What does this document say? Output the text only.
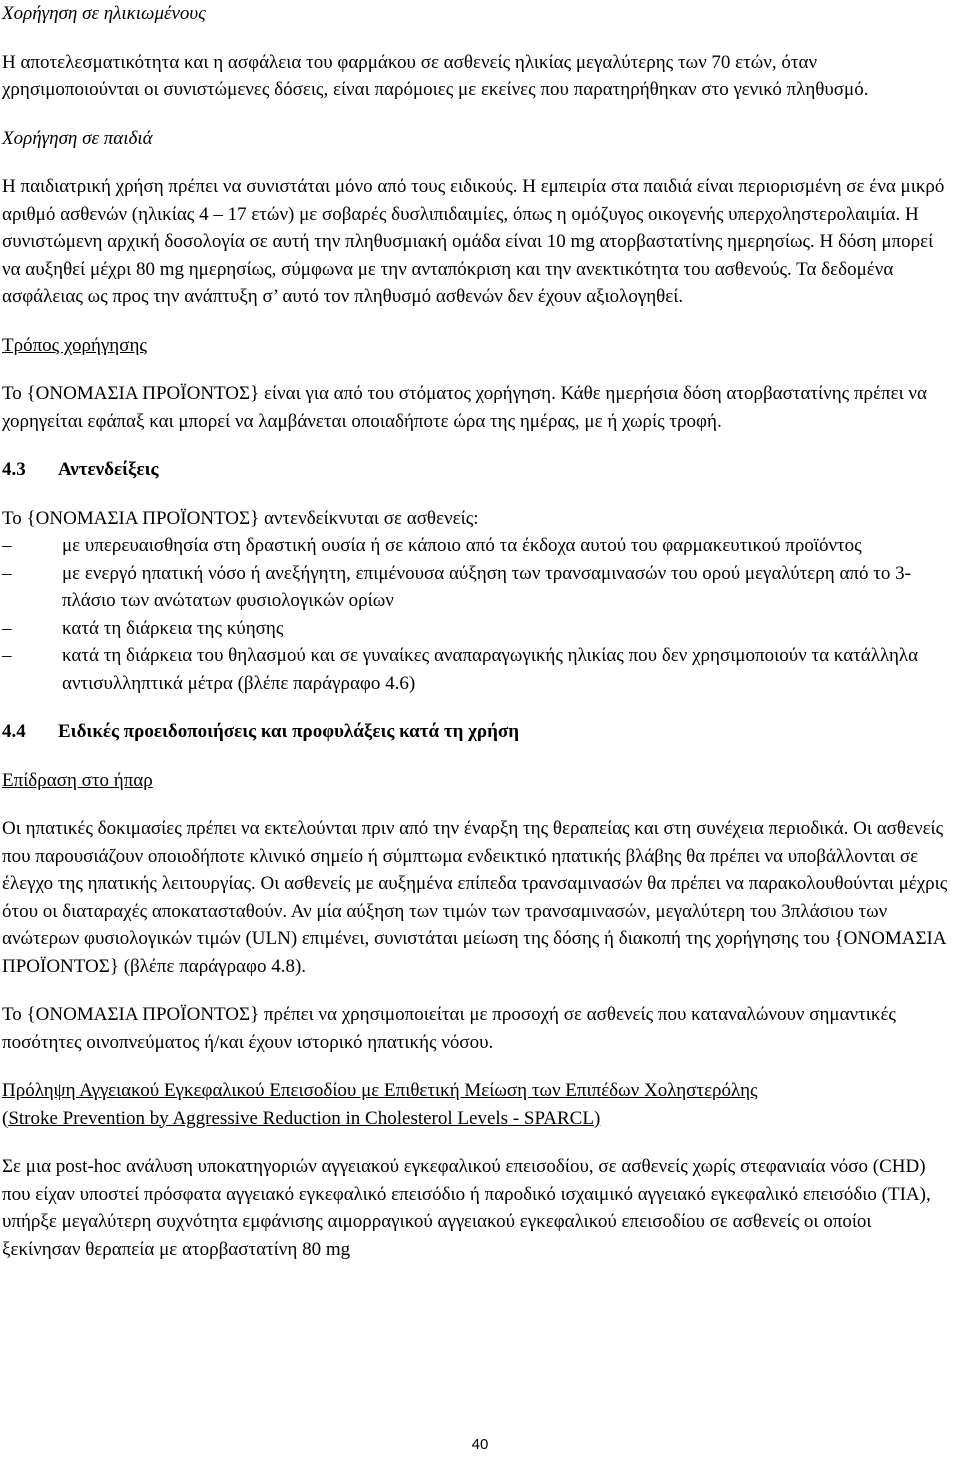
Χορήγηση σε ηλικιωμένους

Η αποτελεσματικότητα και η ασφάλεια του φαρμάκου σε ασθενείς ηλικίας μεγαλύτερης των 70 ετών, όταν χρησιμοποιούνται οι συνιστώμενες δόσεις, είναι παρόμοιες με εκείνες που παρατηρήθηκαν στο γενικό πληθυσμό.

Χορήγηση σε παιδιά

Η παιδιατρική χρήση πρέπει να συνιστάται μόνο από τους ειδικούς. Η εμπειρία στα παιδιά είναι περιορισμένη σε ένα μικρό αριθμό ασθενών (ηλικίας 4 – 17 ετών) με σοβαρές δυσλιπιδαιμίες, όπως η ομόζυγος οικογενής υπερχοληστερολαιμία. Η συνιστώμενη αρχική δοσολογία σε αυτή την πληθυσμιακή ομάδα είναι 10 mg ατορβαστατίνης ημερησίως. Η δόση μπορεί να αυξηθεί μέχρι 80 mg ημερησίως, σύμφωνα με την ανταπόκριση και την ανεκτικότητα του ασθενούς. Τα δεδομένα ασφάλειας ως προς την ανάπτυξη σ’ αυτό τον πληθυσμό ασθενών δεν έχουν αξιολογηθεί.

Τρόπος χορήγησης

Το {ΟΝΟΜΑΣΙΑ ΠΡΟΪΟΝΤΟΣ} είναι για από του στόματος χορήγηση. Κάθε ημερήσια δόση ατορβαστατίνης πρέπει να χορηγείται εφάπαξ και μπορεί να λαμβάνεται οποιαδήποτε ώρα της ημέρας, με ή χωρίς τροφή.

4.3	Αντενδείξεις

Το {ΟΝΟΜΑΣΙΑ ΠΡΟΪΟΝΤΟΣ} αντενδείκνυται σε ασθενείς:

–	με υπερευαισθησία στη δραστική ουσία ή σε κάποιο από τα έκδοχα αυτού του φαρμακευτικού προϊόντος
–	με ενεργό ηπατική νόσο ή ανεξήγητη, επιμένουσα αύξηση των τρανσαμινασών του ορού μεγαλύτερη από το 3-πλάσιο των ανώτατων φυσιολογικών ορίων
–	κατά τη διάρκεια της κύησης
–	κατά τη διάρκεια του θηλασμού και σε γυναίκες αναπαραγωγικής ηλικίας που δεν χρησιμοποιούν τα κατάλληλα αντισυλληπτικά μέτρα (βλέπε παράγραφο 4.6)

4.4	Ειδικές προειδοποιήσεις και προφυλάξεις κατά τη χρήση

Επίδραση στο ήπαρ

Οι ηπατικές δοκιμασίες πρέπει να εκτελούνται πριν από την έναρξη της θεραπείας και στη συνέχεια περιοδικά. Οι ασθενείς που παρουσιάζουν οποιοδήποτε κλινικό σημείο ή σύμπτωμα ενδεικτικό ηπατικής βλάβης θα πρέπει να υποβάλλονται σε έλεγχο της ηπατικής λειτουργίας. Οι ασθενείς με αυξημένα επίπεδα τρανσαμινασών θα πρέπει να παρακολουθούνται μέχρις ότου οι διαταραχές αποκατασταθούν. Αν μία αύξηση των τιμών των τρανσαμινασών, μεγαλύτερη του 3πλάσιου των ανώτερων φυσιολογικών τιμών (ULN) επιμένει, συνιστάται μείωση της δόσης ή διακοπή της χορήγησης του {ΟΝΟΜΑΣΙΑ ΠΡΟΪΟΝΤΟΣ} (βλέπε παράγραφο 4.8).

Το {ΟΝΟΜΑΣΙΑ ΠΡΟΪΟΝΤΟΣ} πρέπει να χρησιμοποιείται με προσοχή σε ασθενείς που καταναλώνουν σημαντικές ποσότητες οινοπνεύματος ή/και έχουν ιστορικό ηπατικής νόσου.

Πρόληψη Αγγειακού Εγκεφαλικού Επεισοδίου με Επιθετική Μείωση των Επιπέδων Χοληστερόλης

(Stroke Prevention by Aggressive Reduction in Cholesterol Levels - SPARCL)

Σε μια post-hoc ανάλυση υποκατηγοριών αγγειακού εγκεφαλικού επεισοδίου, σε ασθενείς χωρίς στεφανιαία νόσο (CHD) που είχαν υποστεί πρόσφατα αγγειακό εγκεφαλικό επεισόδιο ή παροδικό ισχαιμικό αγγειακό εγκεφαλικό επεισόδιο (TIA), υπήρξε μεγαλύτερη συχνότητα εμφάνισης αιμορραγικού αγγειακού εγκεφαλικού επεισοδίου σε ασθενείς οι οποίοι ξεκίνησαν θεραπεία με ατορβαστατίνη 80 mg

40
